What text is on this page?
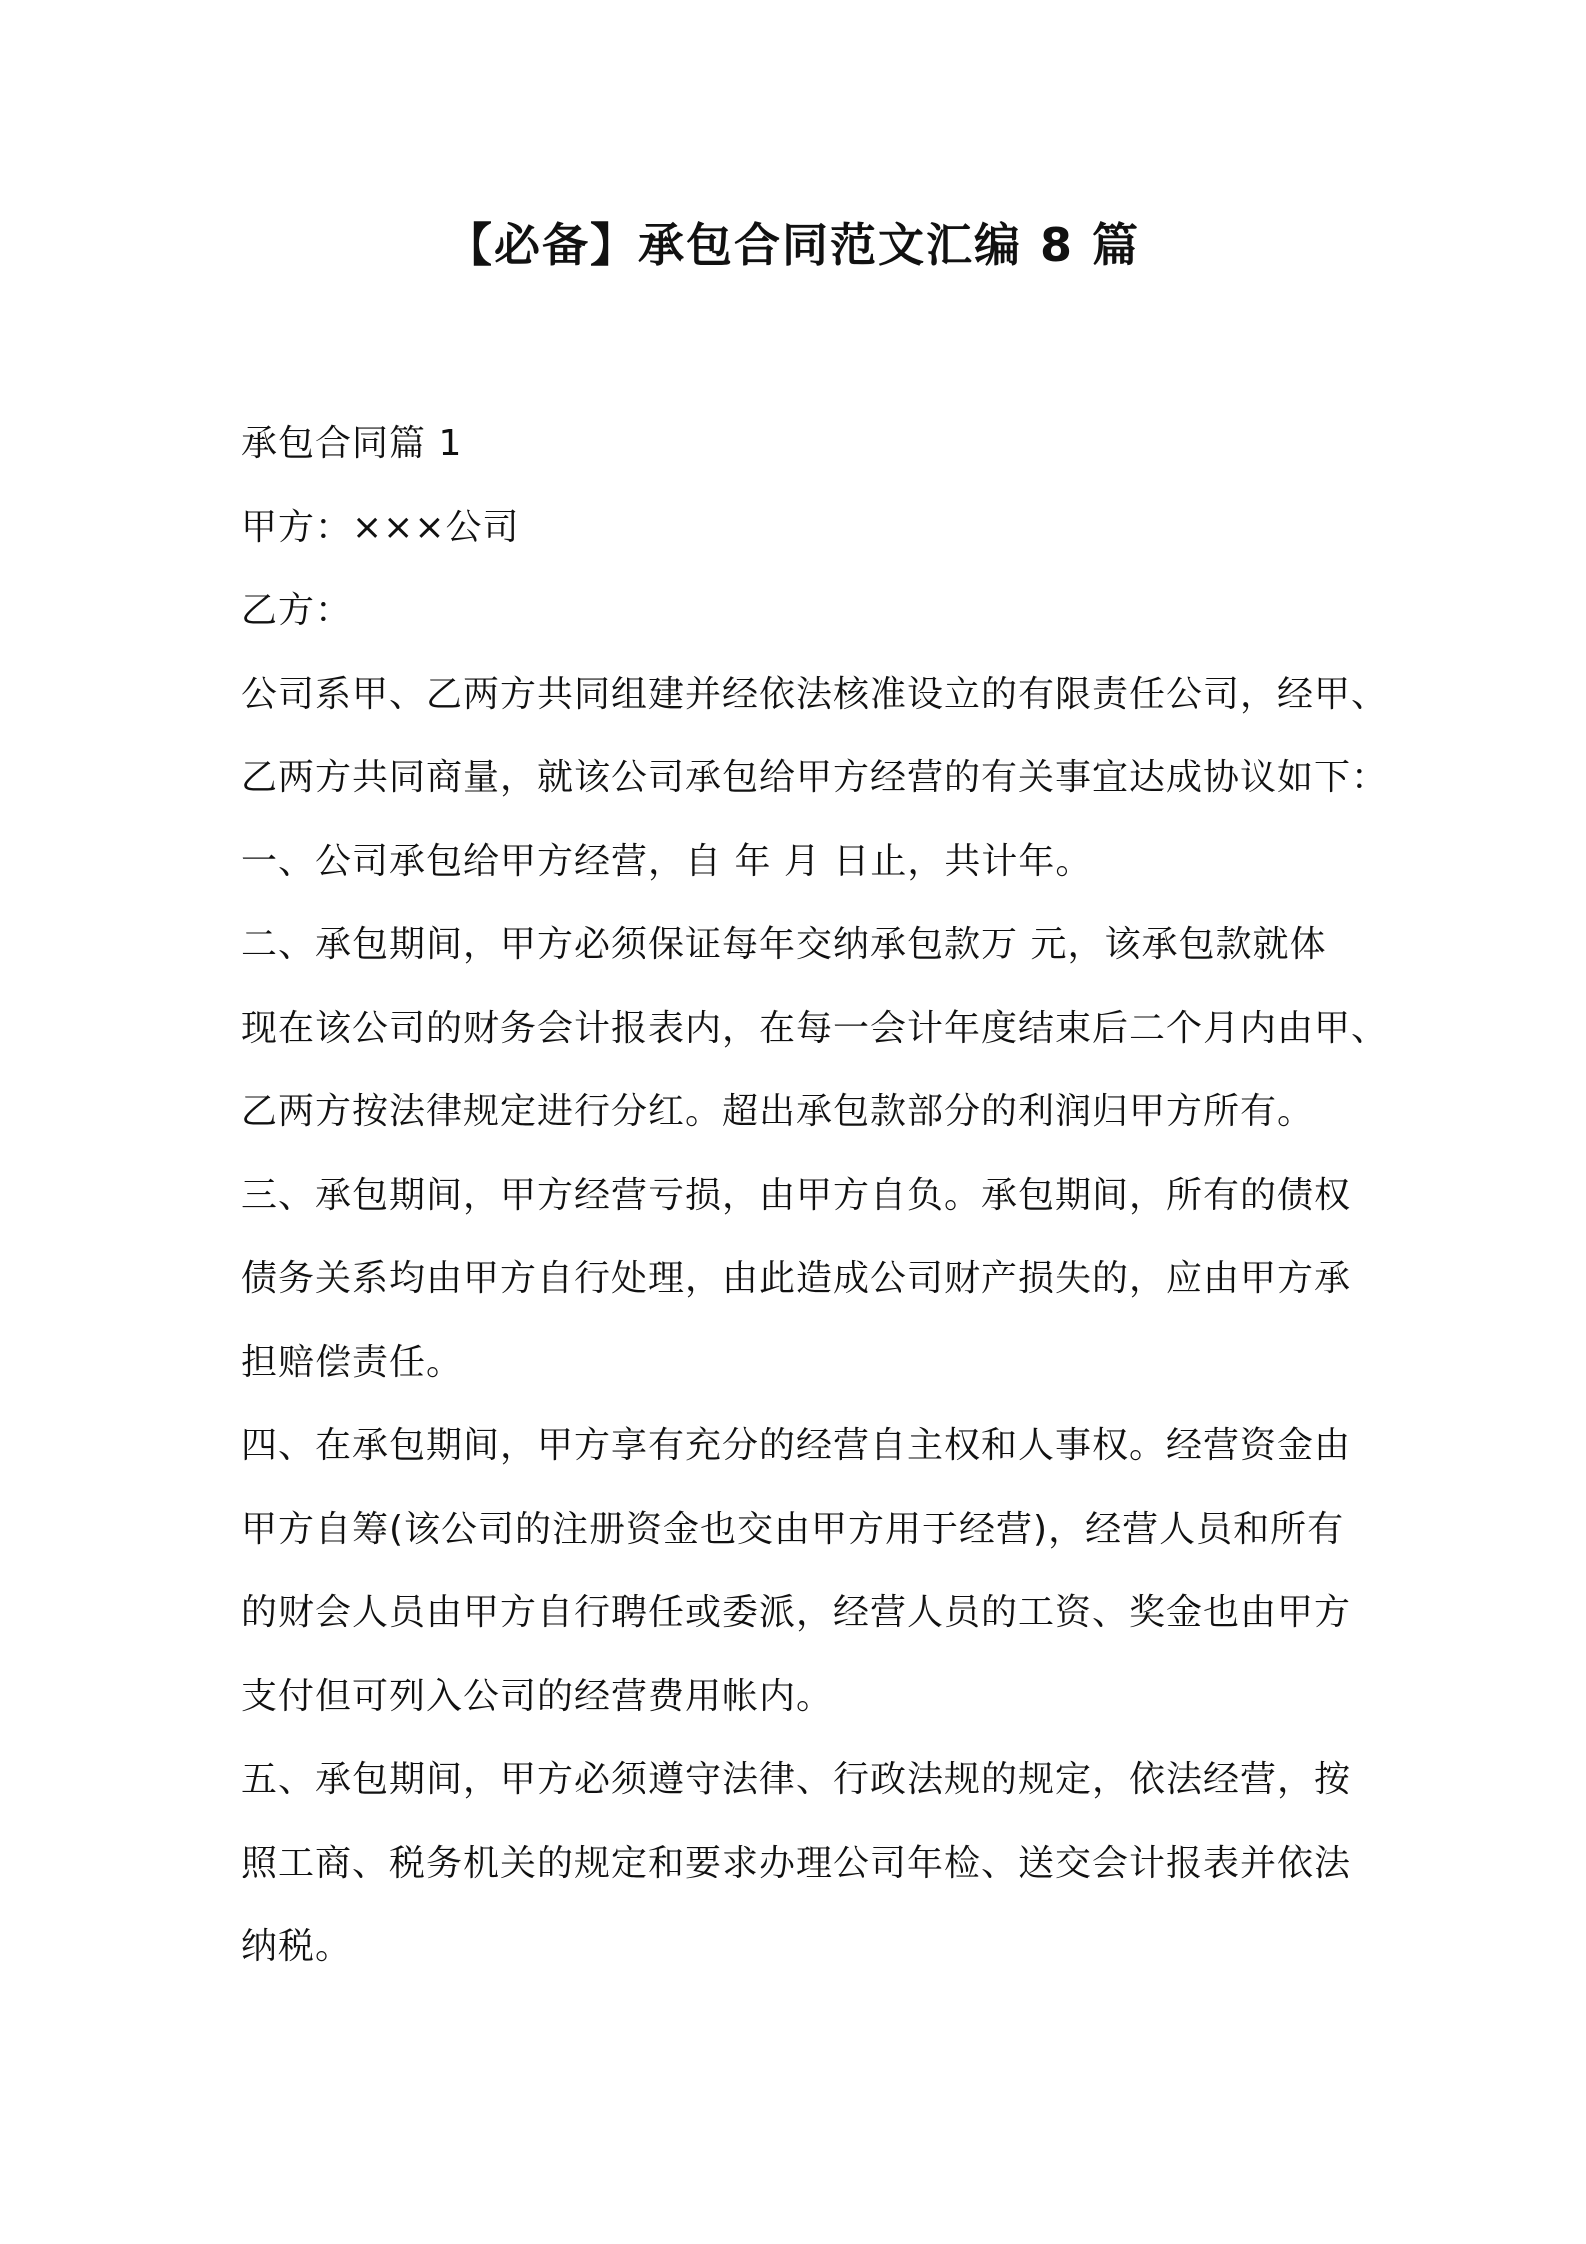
【必备】承包合同范文汇编 8 篇
承包合同篇 1
甲方：×××公司
乙方：
公司系甲、乙两方共同组建并经依法核准设立的有限责任公司，经甲、
乙两方共同商量，就该公司承包给甲方经营的有关事宜达成协议如下：
一、公司承包给甲方经营，自 年 月 日止，共计年。
二、承包期间，甲方必须保证每年交纳承包款万 元，该承包款就体
现在该公司的财务会计报表内，在每一会计年度结束后二个月内由甲、
乙两方按法律规定进行分红。超出承包款部分的利润归甲方所有。
三、承包期间，甲方经营亏损，由甲方自负。承包期间，所有的债权
债务关系均由甲方自行处理，由此造成公司财产损失的，应由甲方承
担赔偿责任。
四、在承包期间，甲方享有充分的经营自主权和人事权。经营资金由
甲方自筹(该公司的注册资金也交由甲方用于经营)，经营人员和所有
的财会人员由甲方自行聘任或委派，经营人员的工资、奖金也由甲方
支付但可列入公司的经营费用帐内。
五、承包期间，甲方必须遵守法律、行政法规的规定，依法经营，按
照工商、税务机关的规定和要求办理公司年检、送交会计报表并依法
纳税。
